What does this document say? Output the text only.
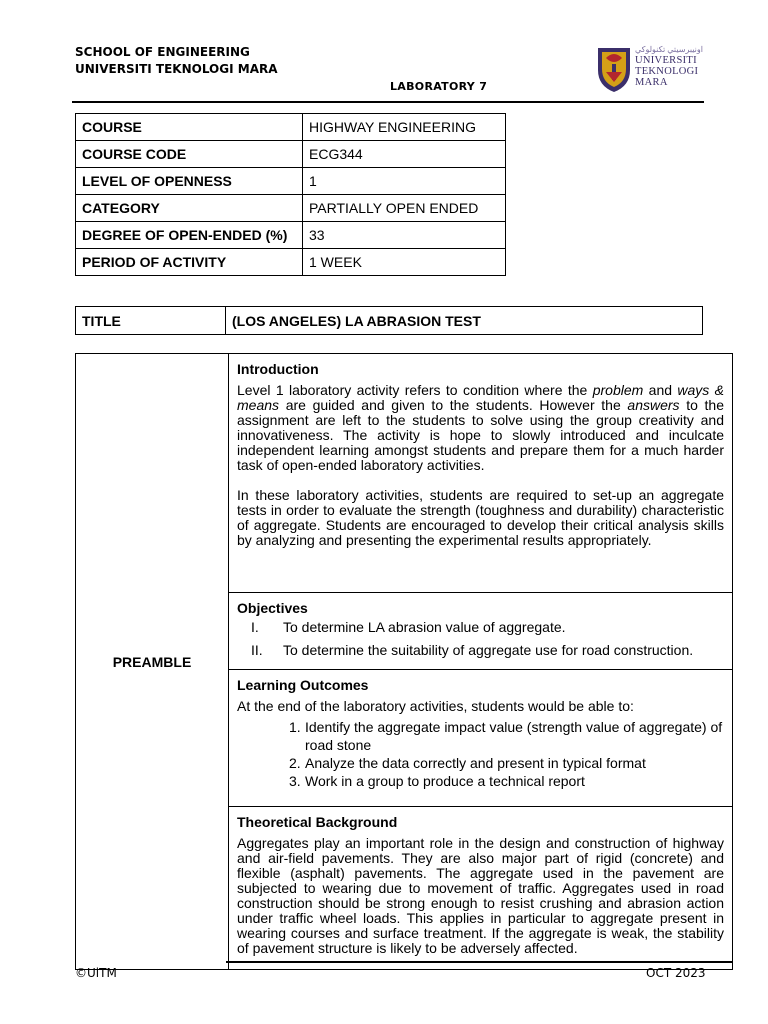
SCHOOL OF ENGINEERING
UNIVERSITI TEKNOLOGI MARA
LABORATORY 7
ﺍﻭﻧﻴﺒﺮﺳﻴﺘﻲ ﺗﻜﻨﻮﻟﻮﻛﻲ
UNIVERSITI
TEKNOLOGI
MARA
COURSE	HIGHWAY ENGINEERING
COURSE CODE	ECG344
LEVEL OF OPENNESS	1
CATEGORY	PARTIALLY OPEN ENDED
DEGREE OF OPEN-ENDED (%)	33
PERIOD OF ACTIVITY	1 WEEK
TITLE	(LOS ANGELES) LA ABRASION TEST
PREAMBLE	
Introduction

Level 1 laboratory activity refers to condition where the problem and ways & means are guided and given to the students. However the answers to the assignment are left to the students to solve using the group creativity and innovativeness. The activity is hope to slowly introduced and inculcate independent learning amongst students and prepare them for a much harder task of open-ended laboratory activities.

In these laboratory activities, students are required to set-up an aggregate tests in order to evaluate the strength (toughness and durability) characteristic of aggregate. Students are encouraged to develop their critical analysis skills by analyzing and presenting the experimental results appropriately.

Objectives
I.	To determine LA abrasion value of aggregate.
II.	To determine the suitability of aggregate use for road construction.

Learning Outcomes

At the end of the laboratory activities, students would be able to:

1. Identify the aggregate impact value (strength value of aggregate) of road stone
2. Analyze the data correctly and present in typical format
3. Work in a group to produce a technical report

Theoretical Background

Aggregates play an important role in the design and construction of highway and air-field pavements. They are also major part of rigid (concrete) and flexible (asphalt) pavements. The aggregate used in the pavement are subjected to wearing due to movement of traffic. Aggregates used in road construction should be strong enough to resist crushing and abrasion action under traffic wheel loads. This applies in particular to aggregate present in wearing courses and surface treatment. If the aggregate is weak, the stability of pavement structure is likely to be adversely affected.

©UiTM	OCT 2023
